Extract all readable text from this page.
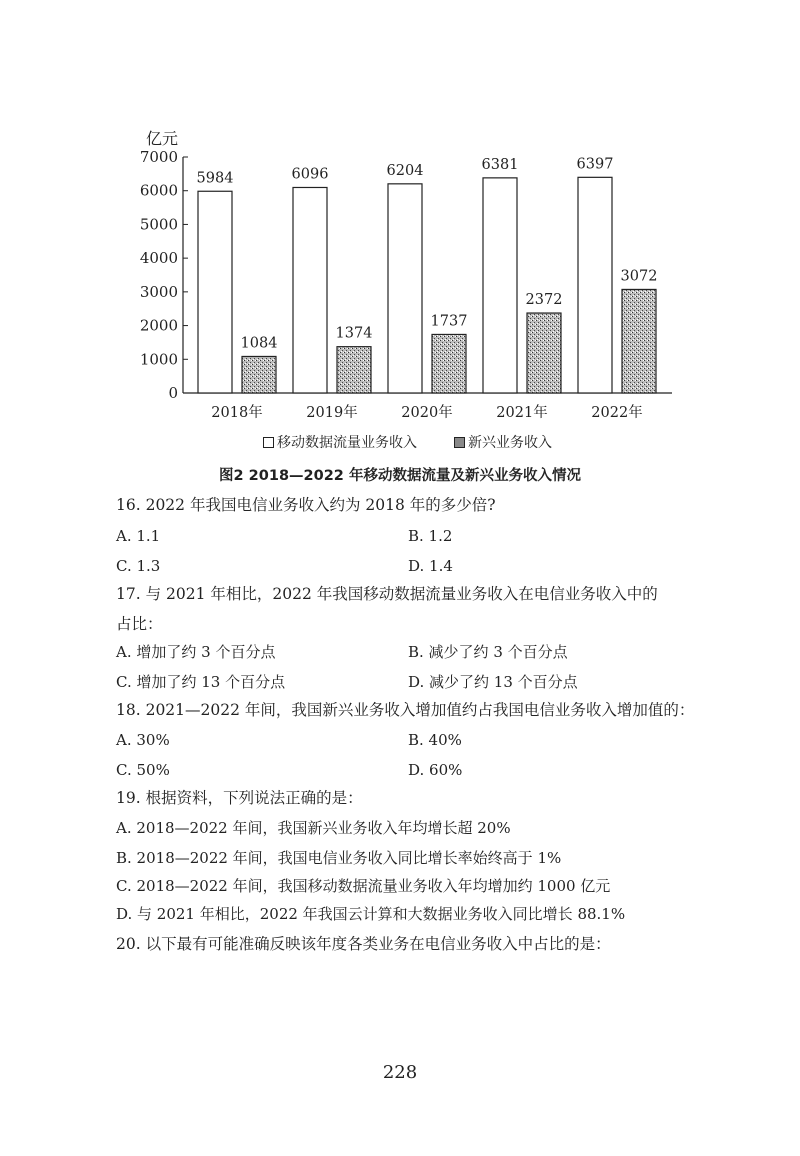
亿元
0
1000
2000
3000
4000
5000
6000
7000
5984
1084
6096
1374
6204
1737
6381
2372
6397
3072
2018年	2019年	2020年	2021年	2022年
移动数据流量业务收入	新兴业务收入
图2 2018—2022 年移动数据流量及新兴业务收入情况
16. 2022 年我国电信业务收入约为 2018 年的多少倍?
A. 1.1	B. 1.2
C. 1.3	D. 1.4
17. 与 2021 年相比，2022 年我国移动数据流量业务收入在电信业务收入中的
占比：
A. 增加了约 3 个百分点	B. 减少了约 3 个百分点
C. 增加了约 13 个百分点	D. 减少了约 13 个百分点
18. 2021—2022 年间，我国新兴业务收入增加值约占我国电信业务收入增加值的：
A. 30%	B. 40%
C. 50%	D. 60%
19. 根据资料，下列说法正确的是：
A. 2018—2022 年间，我国新兴业务收入年均增长超 20%
B. 2018—2022 年间，我国电信业务收入同比增长率始终高于 1%
C. 2018—2022 年间，我国移动数据流量业务收入年均增加约 1000 亿元
D. 与 2021 年相比，2022 年我国云计算和大数据业务收入同比增长 88.1%
20. 以下最有可能准确反映该年度各类业务在电信业务收入中占比的是：
228
